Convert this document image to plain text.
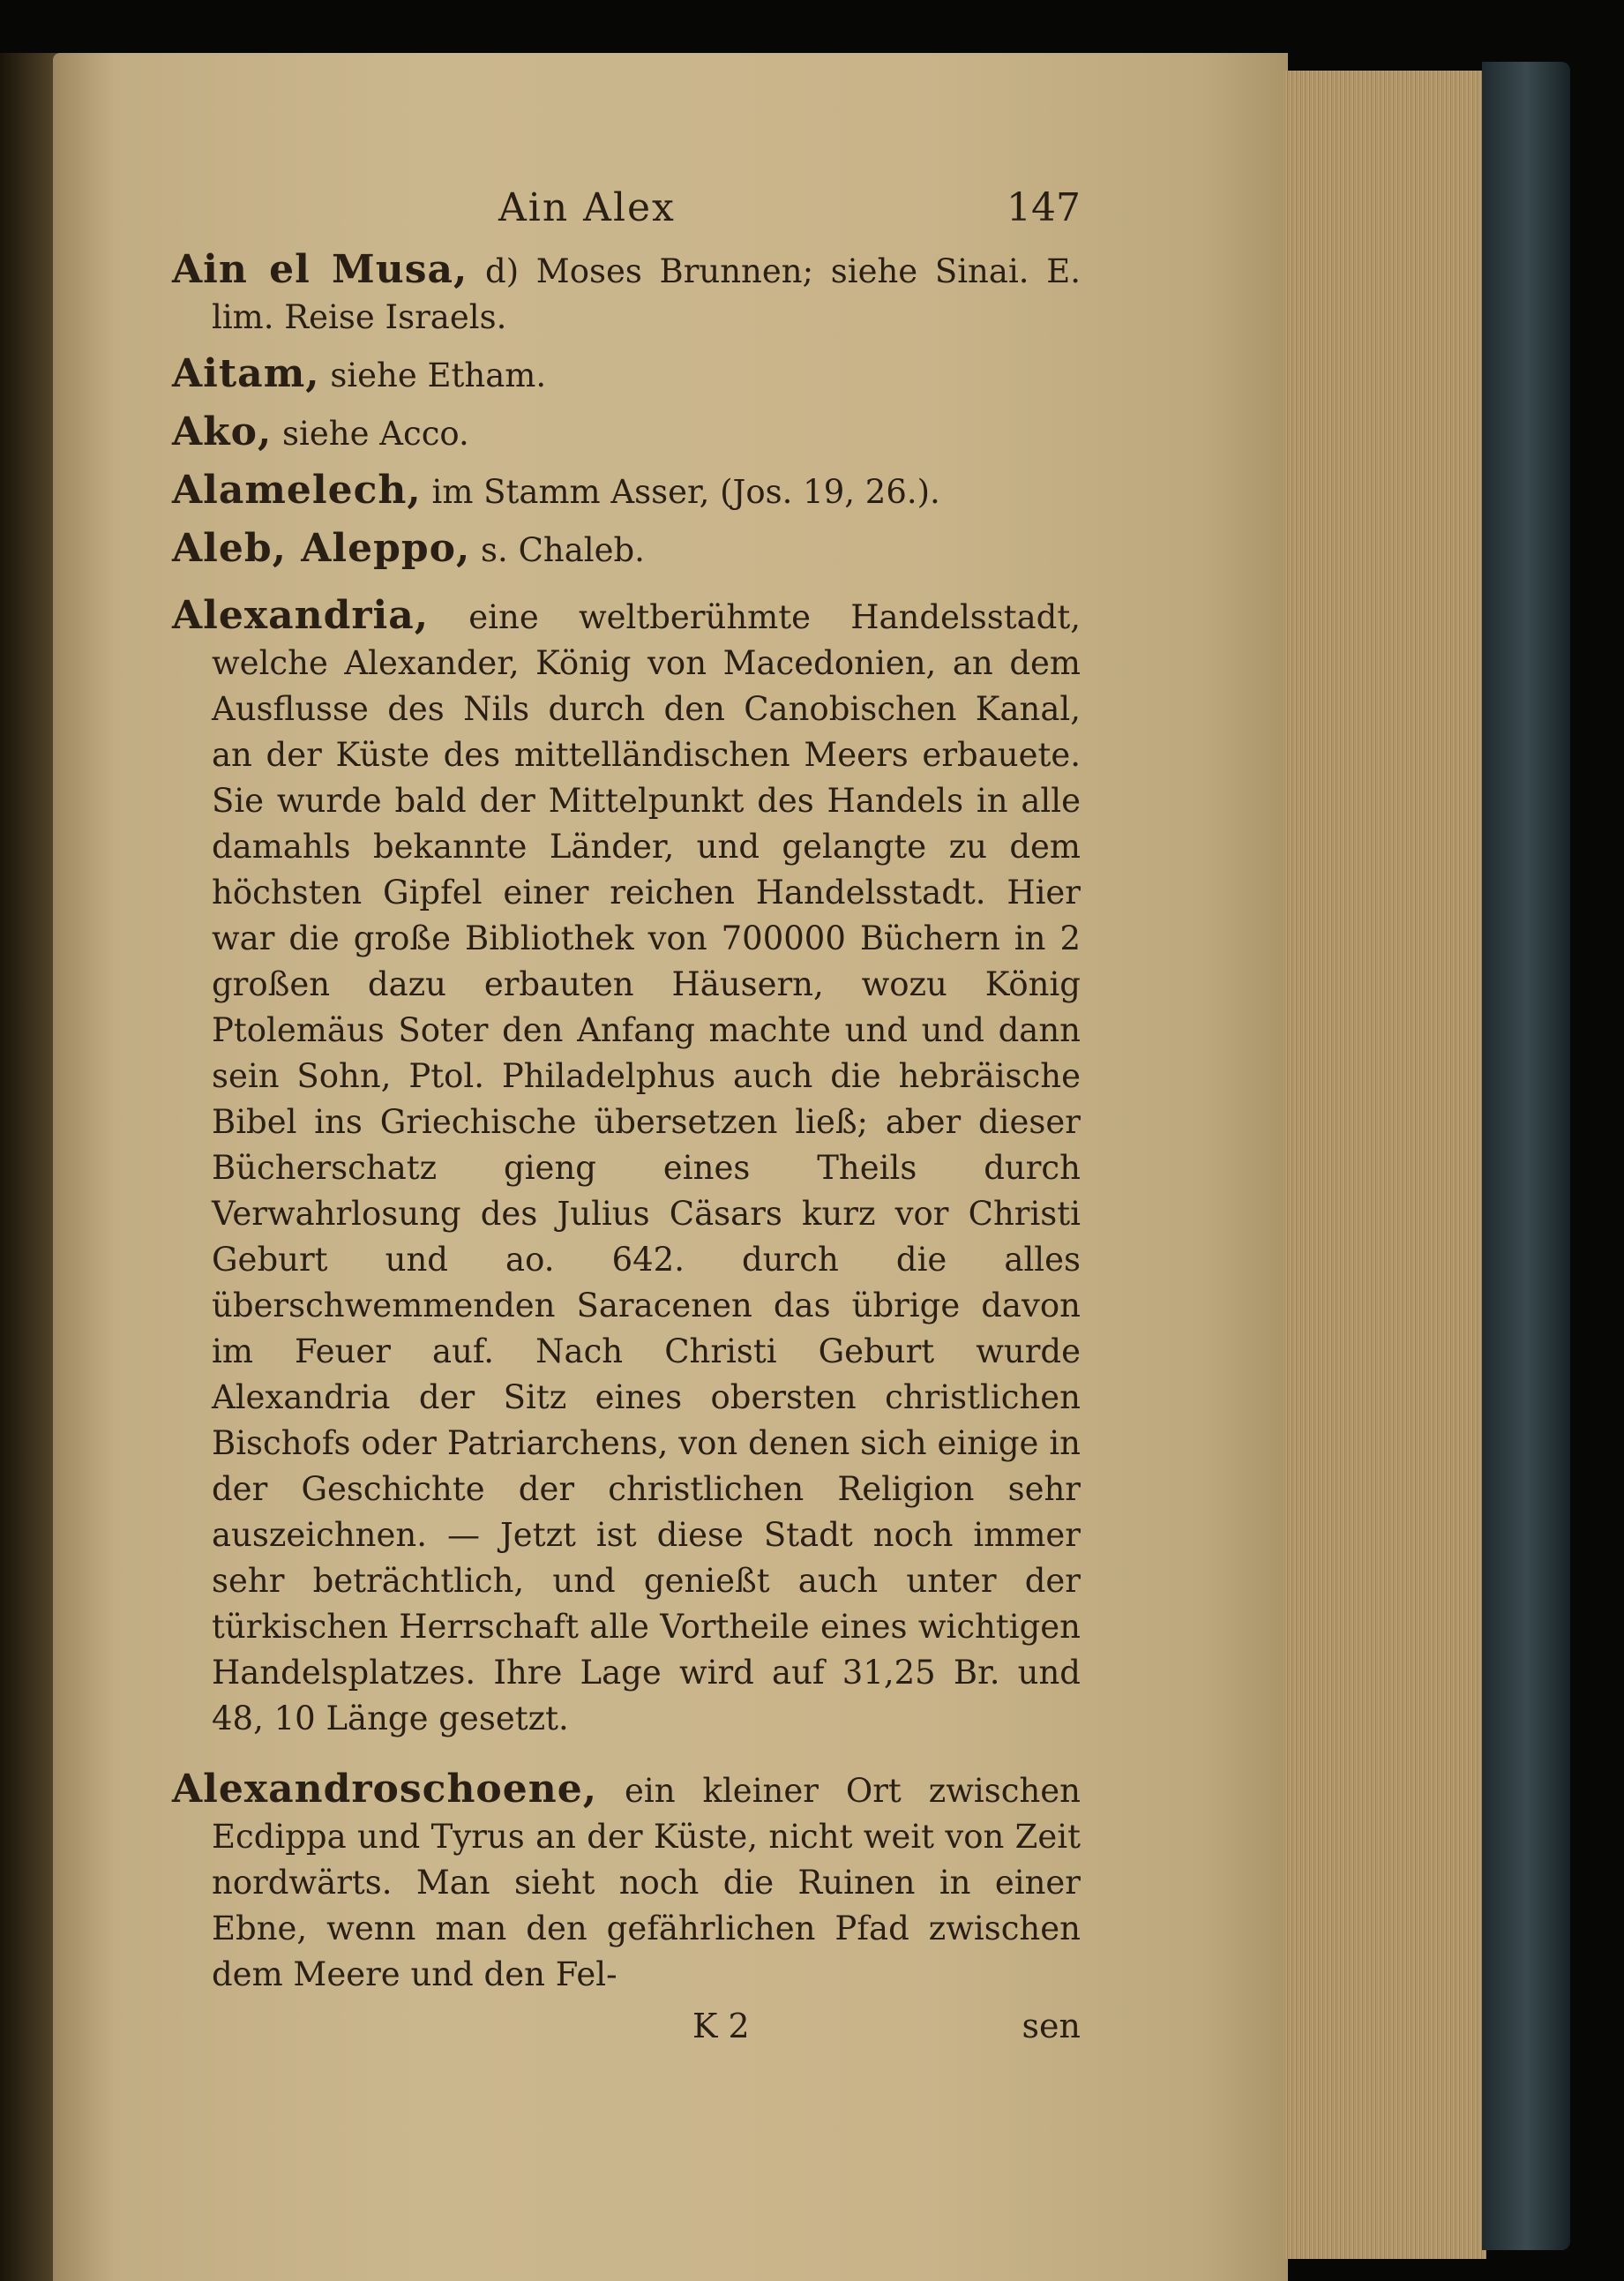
Ain Alex	147

Ain el Musa, d) Moses Brunnen; siehe Sinai. E. lim. Reise Israels.

Aitam, siehe Etham.

Ako, siehe Acco.

Alamelech, im Stamm Asser, (Jos. 19, 26.).

Aleb, Aleppo, s. Chaleb.

Alexandria, eine weltberühmte Handelsstadt, welche Alexander, König von Macedonien, an dem Ausflusse des Nils durch den Canobischen Kanal, an der Küste des mittelländischen Meers erbauete. Sie wurde bald der Mittelpunkt des Handels in alle damahls bekannte Länder, und gelangte zu dem höchsten Gipfel einer reichen Handelsstadt. Hier war die große Bibliothek von 700000 Büchern in 2 großen dazu erbauten Häusern, wozu König Ptolemäus Soter den Anfang machte und und dann sein Sohn, Ptol. Philadelphus auch die hebräische Bibel ins Griechische übersetzen ließ; aber dieser Bücherschatz gieng eines Theils durch Verwahrlosung des Julius Cäsars kurz vor Christi Geburt und ao. 642. durch die alles überschwemmenden Saracenen das übrige davon im Feuer auf. Nach Christi Geburt wurde Alexandria der Sitz eines obersten christlichen Bischofs oder Patriarchens, von denen sich einige in der Geschichte der christlichen Religion sehr auszeichnen. — Jetzt ist diese Stadt noch immer sehr beträchtlich, und genießt auch unter der türkischen Herrschaft alle Vortheile eines wichtigen Handelsplatzes. Ihre Lage wird auf 31,25 Br. und 48, 10 Länge gesetzt.

Alexandroschoene, ein kleiner Ort zwischen Ecdippa und Tyrus an der Küste, nicht weit von Zeit nordwärts. Man sieht noch die Ruinen in einer Ebne, wenn man den gefährlichen Pfad zwischen dem Meere und den Fel-

K 2	sen
